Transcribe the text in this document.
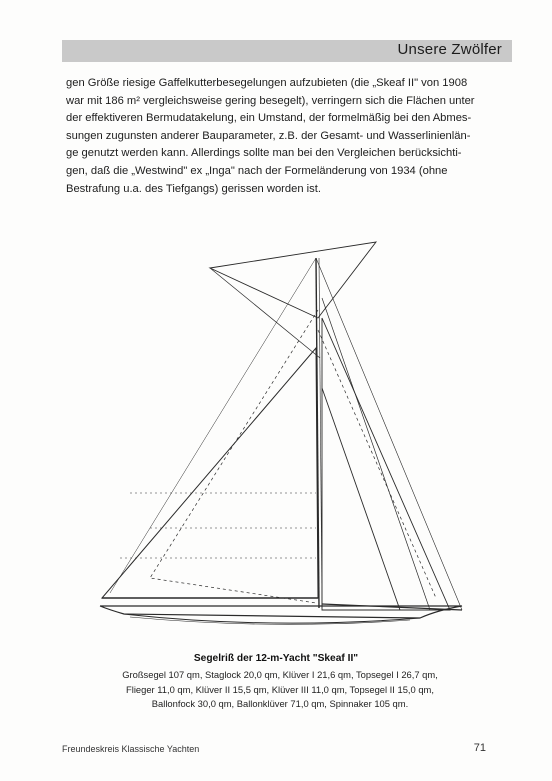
Unsere Zwölfer
gen Größe riesige Gaffelkutterbesegelungen aufzubieten (die „Skeaf II" von 1908
war mit 186 m² vergleichsweise gering besegelt), verringern sich die Flächen unter
der effektiveren Bermudatakelung, ein Umstand, der formelmäßig bei den Abmes-
sungen zugunsten anderer Bauparameter, z.B. der Gesamt- und Wasserlinienlän-
ge genutzt werden kann. Allerdings sollte man bei den Vergleichen berücksichti-
gen, daß die „Westwind" ex „Inga" nach der Formeländerung von 1934 (ohne
Bestrafung u.a. des Tiefgangs) gerissen worden ist.
Segelriß der 12-m-Yacht "Skeaf II"
Großsegel 107 qm, Staglock 20,0 qm, Klüver I 21,6 qm, Topsegel I 26,7 qm,
Flieger 11,0 qm, Klüver II 15,5 qm, Klüver III 11,0 qm, Topsegel II 15,0 qm,
Ballonfock 30,0 qm, Ballonklüver 71,0 qm, Spinnaker 105 qm.
Freundeskreis Klassische Yachten	71
